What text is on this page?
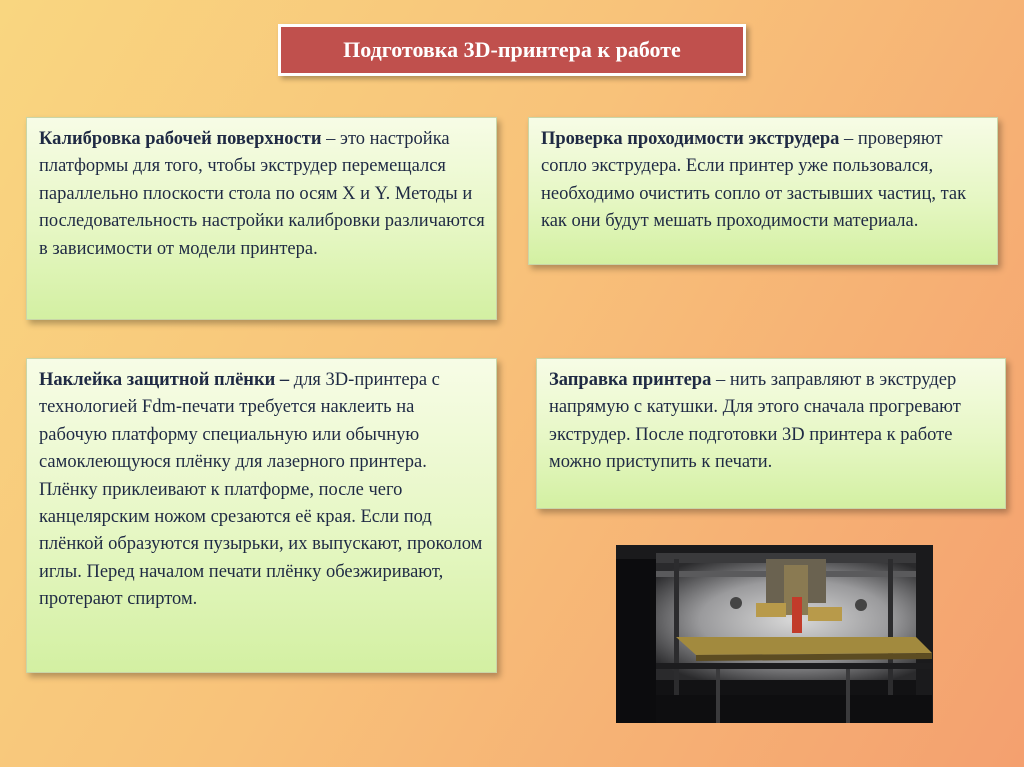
Подготовка 3D-принтера к работе
Калибровка рабочей поверхности – это настройка платформы для того, чтобы экструдер перемещался параллельно плоскости стола по осям X и Y. Методы и последовательность настройки калибровки различаются в зависимости от модели принтера.
Проверка проходимости экструдера – проверяют сопло экструдера. Если принтер уже пользовался, необходимо очистить сопло от застывших частиц, так как они будут мешать проходимости материала.
Наклейка защитной плёнки – для 3D-принтера с технологией Fdm-печати требуется наклеить на рабочую платформу специальную или обычную самоклеющуюся плёнку для лазерного принтера. Плёнку приклеивают к платформе, после чего канцелярским ножом срезаются её края. Если под плёнкой образуются пузырьки, их выпускают, проколом иглы. Перед началом печати плёнку обезжиривают, протерают спиртом.
Заправка принтера – нить заправляют в экструдер напрямую с катушки. Для этого сначала прогревают экструдер. После подготовки 3D принтера к работе можно приступить к печати.
